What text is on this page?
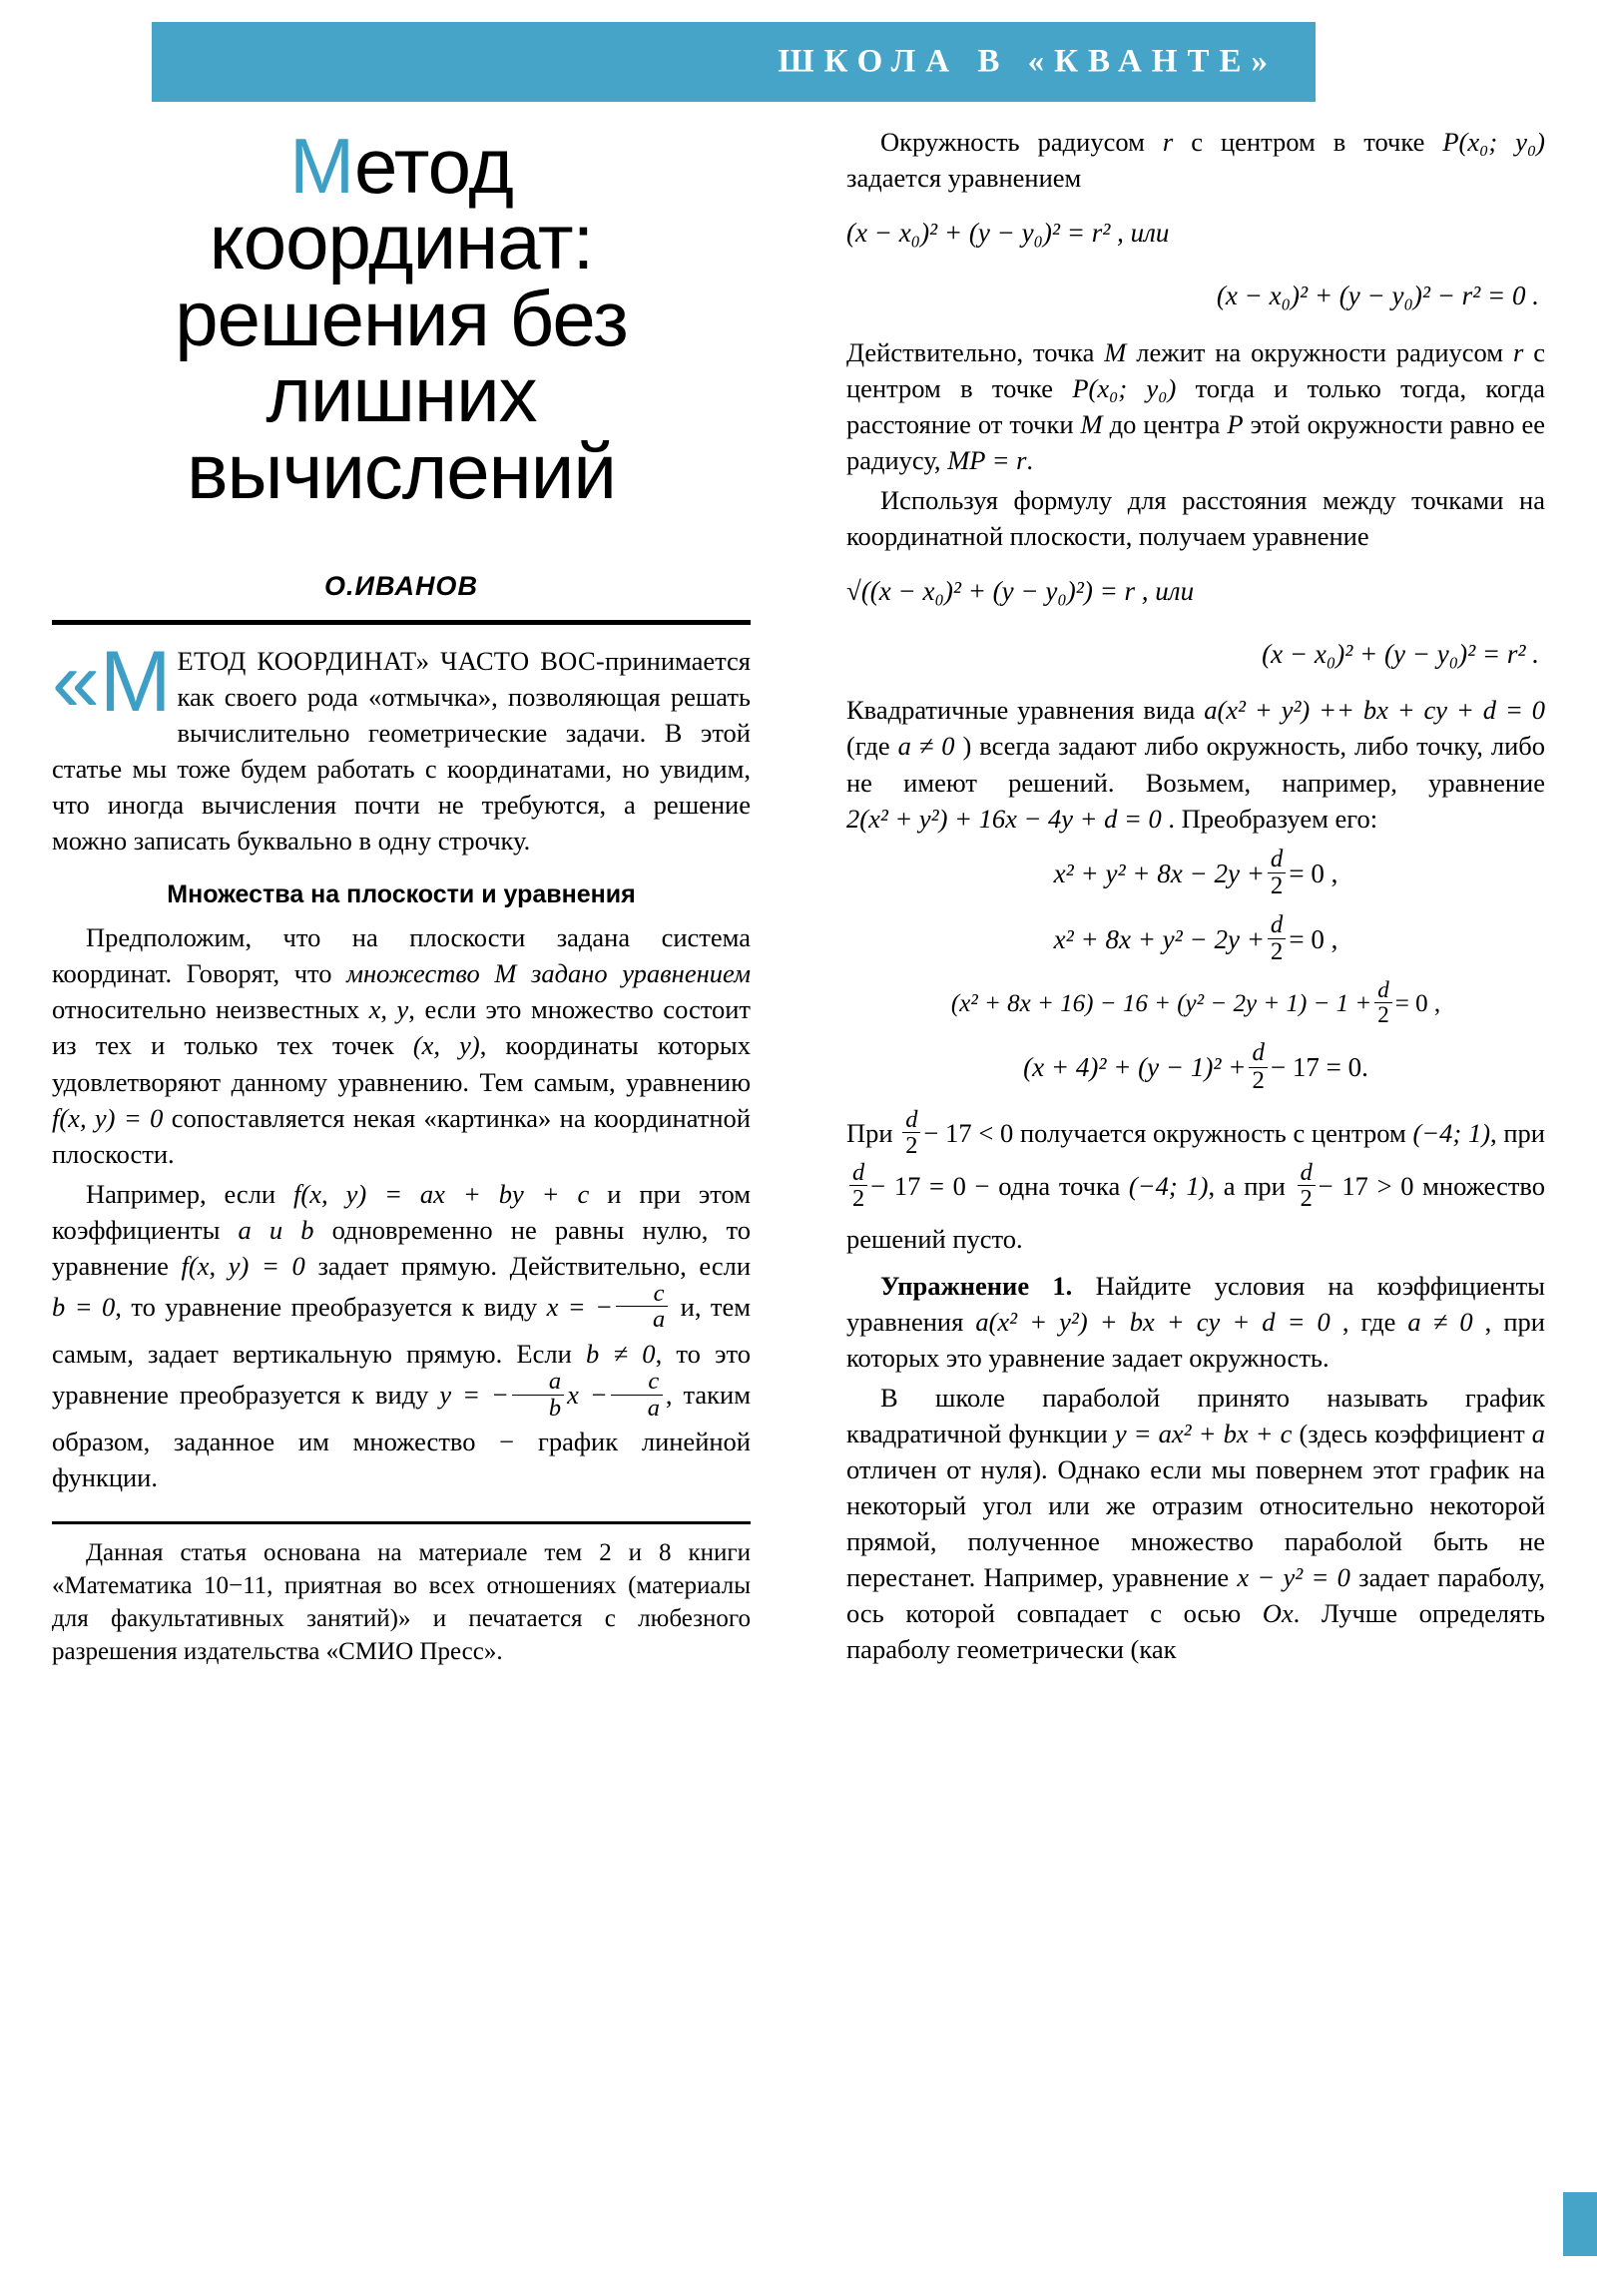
ШКОЛА В «КВАНТЕ»
Метод
координат:
решения без
лишних
вычислений
О.ИВАНОВ
«М ЕТОД КООРДИНАТ» ЧАСТО ВОС-принимается как своего рода «отмычка», позволяющая решать вычислительно геометрические задачи. В этой статье мы тоже будем работать с координатами, но увидим, что иногда вычисления почти не требуются, а решение можно записать буквально в одну строчку.

Множества на плоскости и уравнения

Предположим, что на плоскости задана система координат. Говорят, что множество M задано уравнением относительно неизвестных x, y, если это множество состоит из тех и только тех точек (x, y), координаты которых удовлетворяют данному уравнению. Тем самым, уравнению f(x, y) = 0 сопоставляется некая «картинка» на координатной плоскости.

Например, если f(x, y) = ax + by + c и при этом коэффициенты a и b одновременно не равны нулю, то уравнение f(x, y) = 0 задает прямую. Действительно, если b = 0, то уравнение преобразуется к виду x = − $\frac{c}{a} и$, тем самым, задает вертикальную прямую. Если b ≠ 0, то это уравнение преобразуется к виду y = − $\frac{a}{b}$ $x - \frac{c}{a}$ , таким образом, заданное им множество − график линейной функции.

Данная статья основана на материале тем 2 и 8 книги «Математика 10−11, приятная во всех отношениях (материалы для факультативных занятий)» и печатается с любезного разрешения издательства «СМИО Пресс».

Окружность радиусом r с центром в точке P(x₀; y₀) задается уравнением

(x − x₀)² + (y − y₀)² = r² , или
(x − x₀)² + (y − y₀)² − r² = 0 .

Действительно, точка M лежит на окружности радиусом r с центром в точке P(x₀; y₀) тогда и только тогда, когда расстояние от точки M до центра P этой окружности равно ее радиусу, MP = r.

Используя формулу для расстояния между точками на координатной плоскости, получаем уравнение

√((x − x₀)² + (y − y₀)²) = r , или
(x − x₀)² + (y − y₀)² = r² .

Квадратичные уравнения вида a(x² + y²) ++ bx + cy + d = 0 (где a ≠ 0 ) всегда задают либо окружность, либо точку, либо не имеют решений. Возьмем, например, уравнение 2(x² + y²) + 16x − 4y + d = 0 . Преобразуем его:

$x^2 + y^2 + 8x - 2y + \frac{d}{2} = 0$ ,
$x^2 + 8x + y^2 - 2y + \frac{d}{2} = 0$ ,
$(x^2 + 8x + 16) - 16 + (y^2 - 2y + 1) - 1 + \frac{d}{2} = 0$ ,
$(x + 4)^2 + (y - 1)^2 + \frac{d}{2} - 17 = 0$.

При $\frac{d}{2} - 17 < 0$ получается окружность с центром (−4; 1), при
$\frac{d}{2} - 17 = 0$ − одна точка (−4; 1), а при $\frac{d}{2} - 17 > 0$ множество решений пусто.

Упражнение 1. Найдите условия на коэффициенты уравнения a(x² + y²) + bx + cy + d = 0 , где a ≠ 0 , при которых это уравнение задает окружность.

В школе параболой принято называть график квадратичной функции y = ax² + bx + c (здесь коэффициент a отличен от нуля). Однако если мы повернем этот график на некоторый угол или же отразим относительно некоторой прямой, полученное множество параболой быть не перестанет. Например, уравнение x − y² = 0 задает параболу, ось которой совпадает с осью Ox. Лучше определять параболу геометрически (как
